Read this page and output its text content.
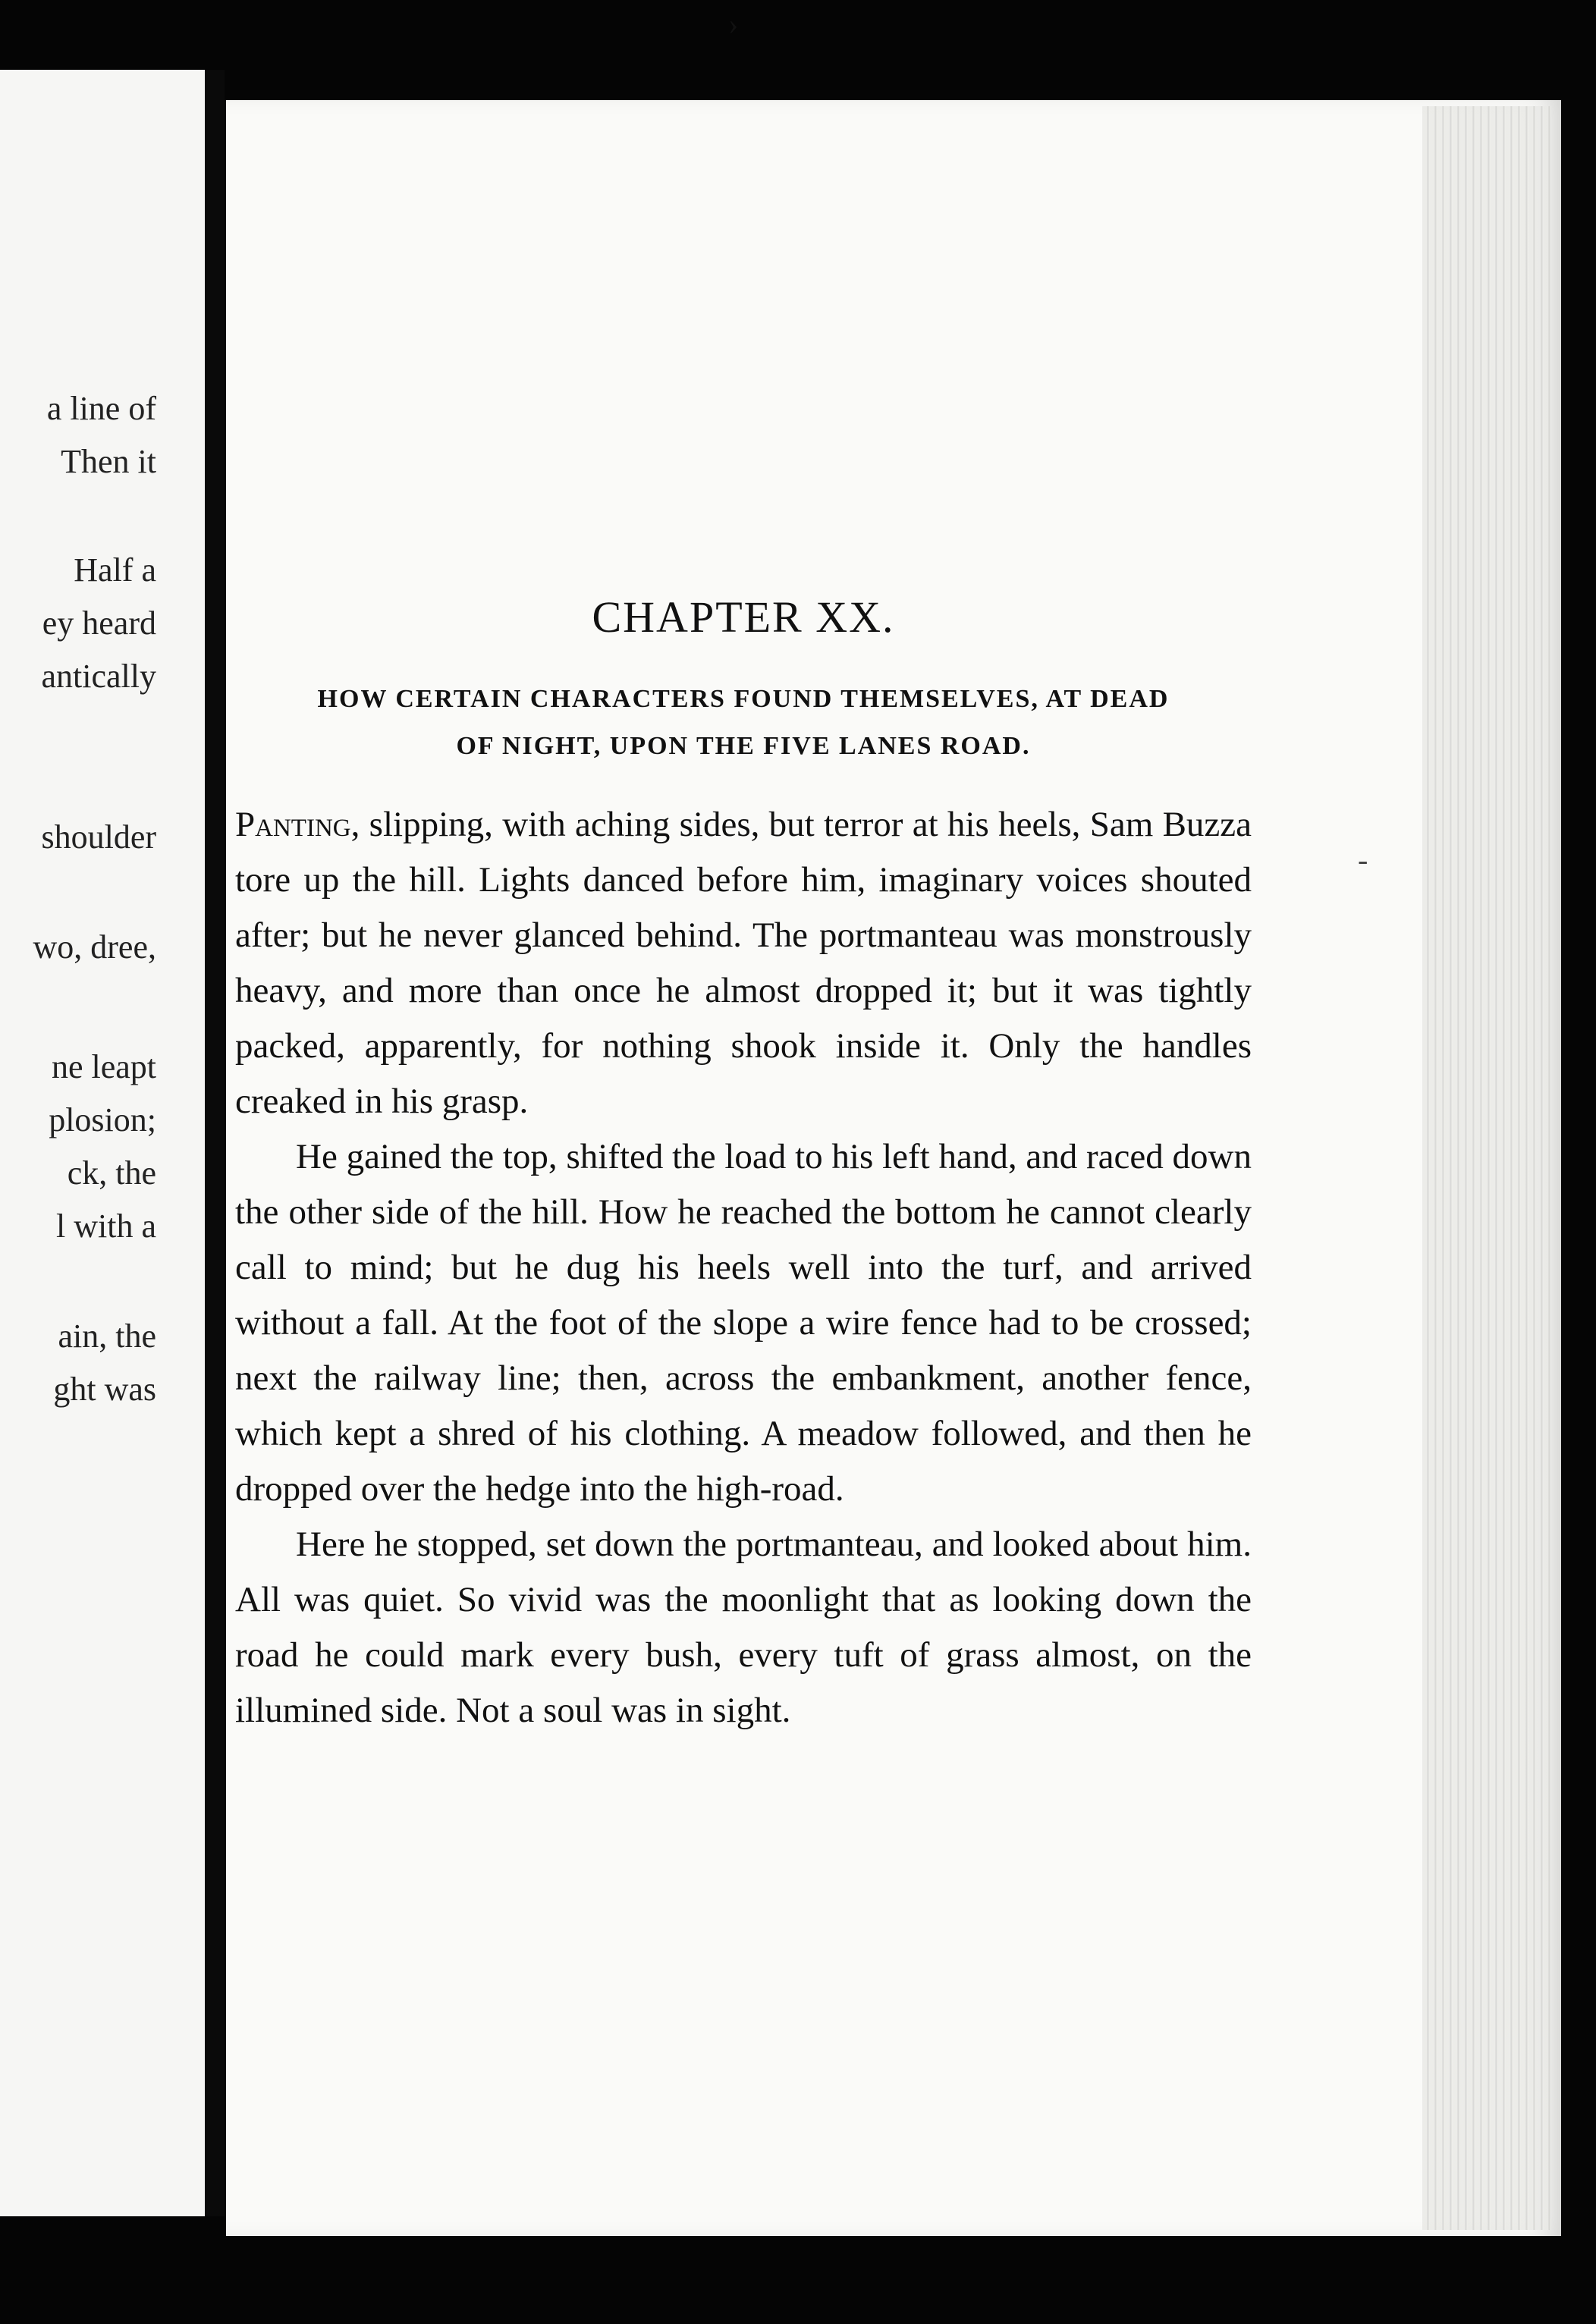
a line of
Then it
Half a
ey heard
antically
shoulder
wo, dree,
ne leapt
plosion;
ck, the
l with a
ain, the
ght was
CHAPTER XX.
HOW CERTAIN CHARACTERS FOUND THEMSELVES, AT DEAD
OF NIGHT, UPON THE FIVE LANES ROAD.

Panting, slipping, with aching sides, but terror at his heels, Sam Buzza tore up the hill. Lights danced before him, imaginary voices shouted after; but he never glanced behind. The portmanteau was monstrously heavy, and more than once he almost dropped it; but it was tightly packed, apparently, for nothing shook inside it. Only the handles creaked in his grasp.

He gained the top, shifted the load to his left hand, and raced down the other side of the hill. How he reached the bottom he cannot clearly call to mind; but he dug his heels well into the turf, and arrived without a fall. At the foot of the slope a wire fence had to be crossed; next the railway line; then, across the embankment, another fence, which kept a shred of his clothing. A meadow followed, and then he dropped over the hedge into the high-road.

Here he stopped, set down the portmanteau, and looked about him. All was quiet. So vivid was the moonlight that as looking down the road he could mark every bush, every tuft of grass almost, on the illumined side. Not a soul was in sight.

›
-
